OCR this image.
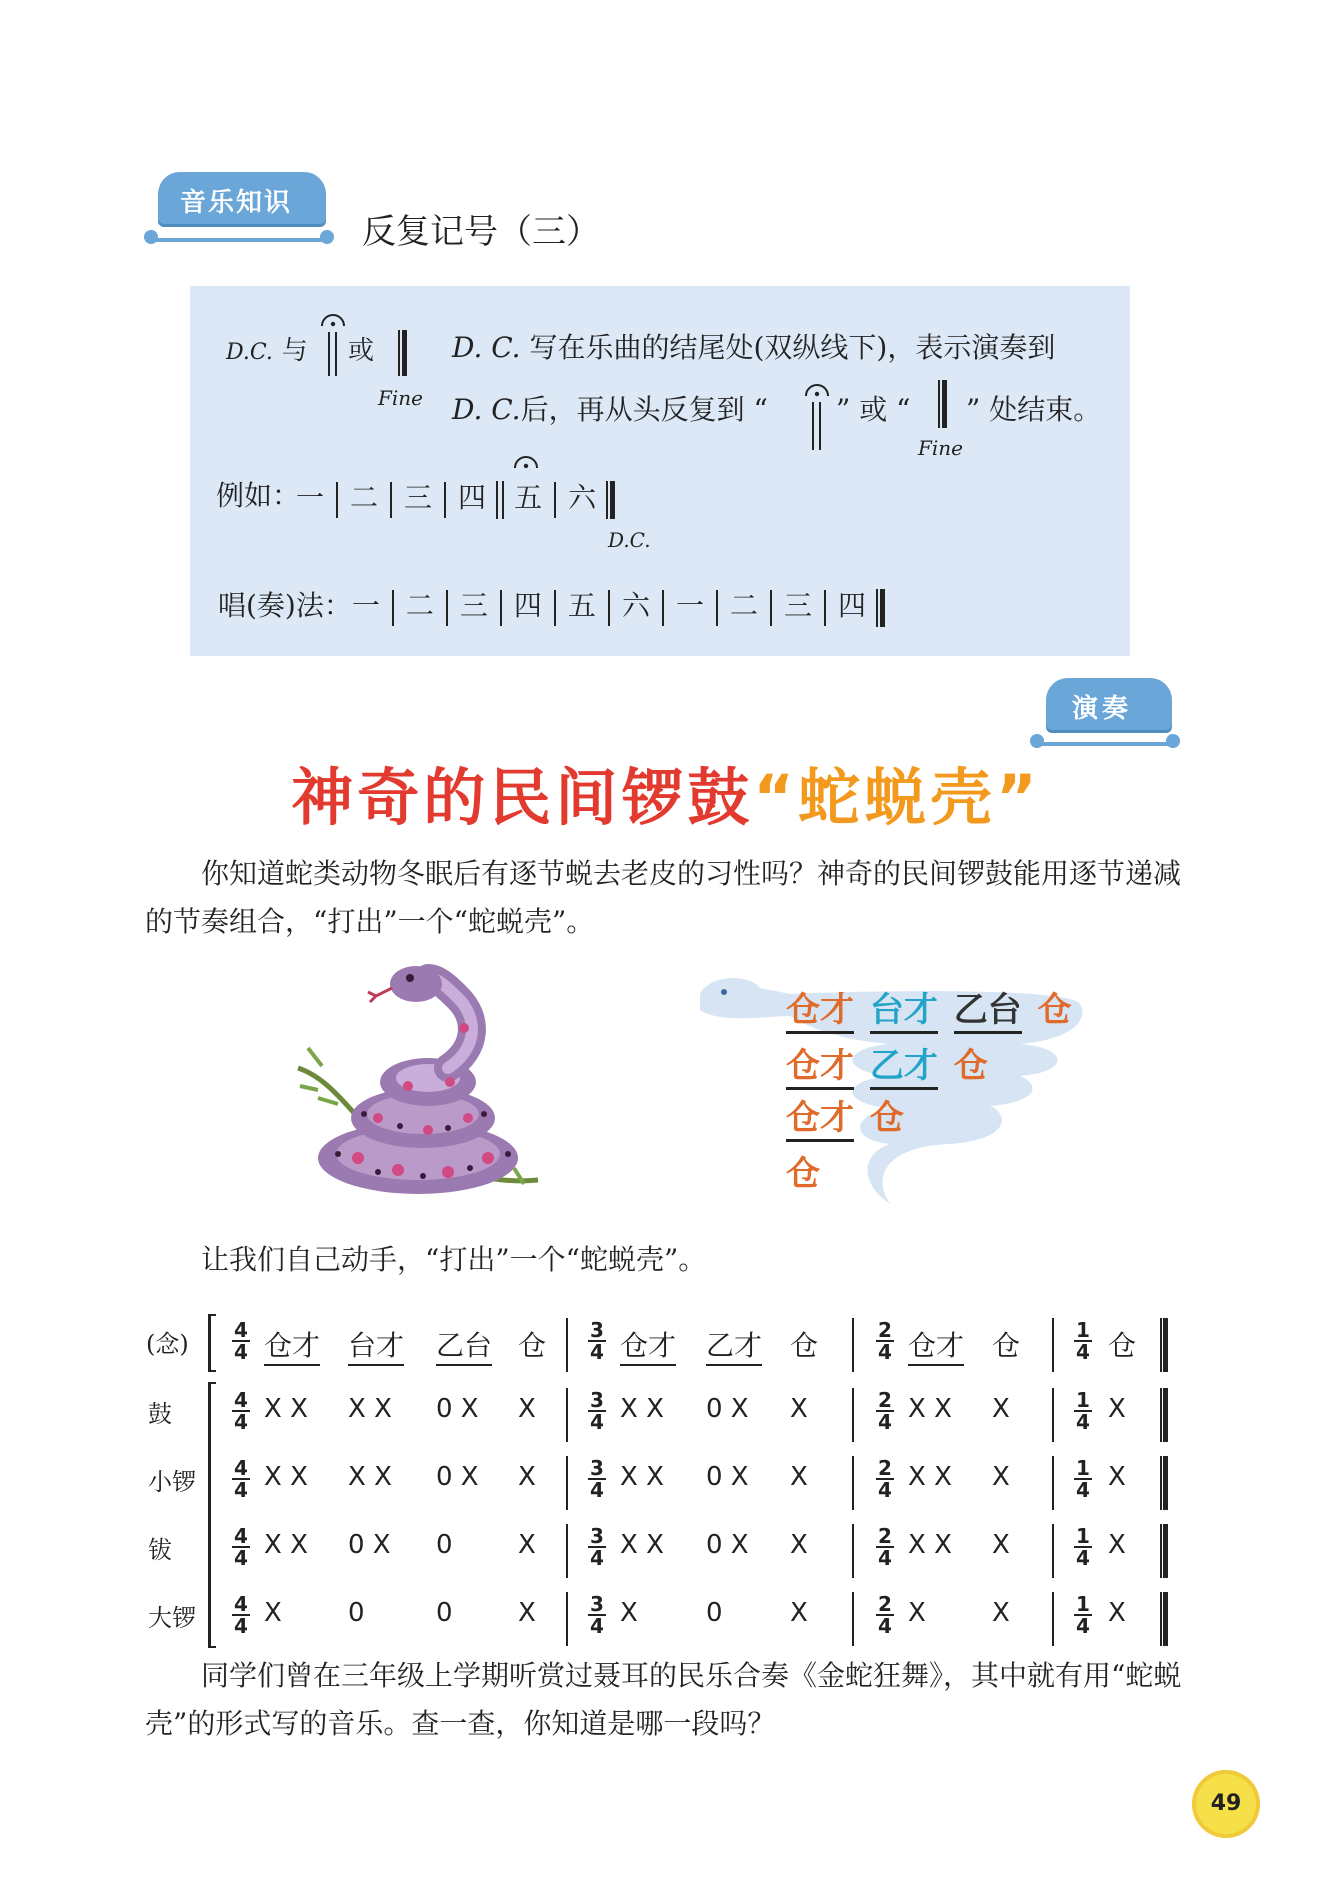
音乐知识
反复记号（三）
D.C. 与 或
Fine
D. C. 写在乐曲的结尾处(双纵线下)，表示演奏到
D. C.后，再从头反复到 “ ” 或 “ ” 处结束。
Fine
例如：
一 二 三 四 五 六
D.C.
唱(奏)法：一 二 三 四 五 六 一 二 三 四
演奏
神奇的民间锣鼓“蛇蜕壳”
你知道蛇类动物冬眠后有逐节蜕去老皮的习性吗？神奇的民间锣鼓能用逐节递减的节奏组合，“打出”一个“蛇蜕壳”。
仓才 台才 乙台 仓
仓才 乙才 仓
仓才 仓
仓
让我们自己动手，“打出”一个“蛇蜕壳”。
(念) $\frac{4}{4}$ 仓才 台才 乙台 仓 $\frac{3}{4}$ 仓才 乙才 仓	$\frac{2}{4}$ 仓才 仓	$\frac{1}{4}$ 仓
鼓	$\frac{4}{4}$ X X X X 0 X X	$\frac{3}{4}$ X X 0 X X	$\frac{2}{4}$ X X X	$\frac{1}{4}$ X
小锣 $\frac{4}{4}$ X X X X 0 X X	$\frac{3}{4}$ X X 0 X X	$\frac{2}{4}$ X X X	$\frac{1}{4}$ X
钹	$\frac{4}{4}$ X X 0 X 0	X	$\frac{3}{4}$ X X 0 X X	$\frac{2}{4}$ X X X	$\frac{1}{4}$ X
大锣 $\frac{4}{4}$ X	0	0	X	$\frac{3}{4}$ X	0	X	$\frac{2}{4}$ X	X	$\frac{1}{4}$ X
同学们曾在三年级上学期听赏过聂耳的民乐合奏《金蛇狂舞》，其中就有用“蛇蜕壳”的形式写的音乐。查一查，你知道是哪一段吗？
49
